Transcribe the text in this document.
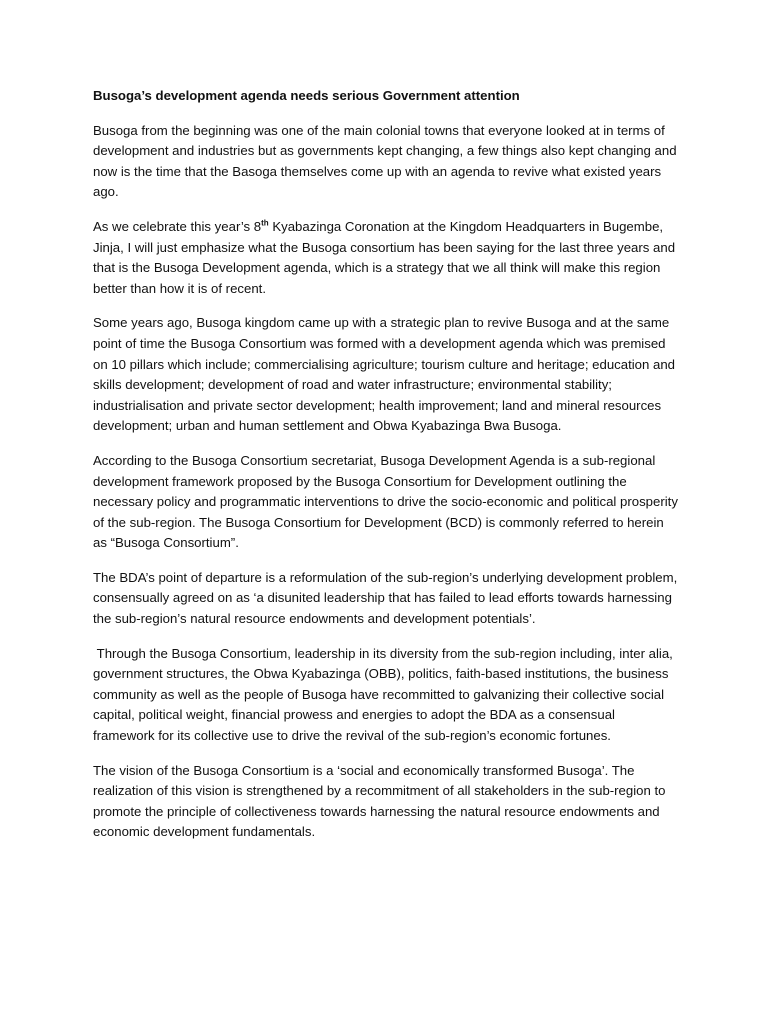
Busoga’s development agenda needs serious Government attention

Busoga from the beginning was one of the main colonial towns that everyone looked at in terms of development and industries but as governments kept changing, a few things also kept changing and now is the time that the Basoga themselves come up with an agenda to revive what existed years ago.

As we celebrate this year’s 8th Kyabazinga Coronation at the Kingdom Headquarters in Bugembe, Jinja, I will just emphasize what the Busoga consortium has been saying for the last three years and that is the Busoga Development agenda, which is a strategy that we all think will make this region better than how it is of recent.

Some years ago, Busoga kingdom came up with a strategic plan to revive Busoga and at the same point of time the Busoga Consortium was formed with a development agenda which was premised on 10 pillars which include; commercialising agriculture; tourism culture and heritage; education and skills development; development of road and water infrastructure; environmental stability; industrialisation and private sector development; health improvement; land and mineral resources development; urban and human settlement and Obwa Kyabazinga Bwa Busoga.

According to the Busoga Consortium secretariat, Busoga Development Agenda is a sub-regional development framework proposed by the Busoga Consortium for Development outlining the necessary policy and programmatic interventions to drive the socio-economic and political prosperity of the sub-region. The Busoga Consortium for Development (BCD) is commonly referred to herein as “Busoga Consortium”.

The BDA’s point of departure is a reformulation of the sub-region’s underlying development problem, consensually agreed on as ‘a disunited leadership that has failed to lead efforts towards harnessing the sub-region’s natural resource endowments and development potentials’.

Through the Busoga Consortium, leadership in its diversity from the sub-region including, inter alia, government structures, the Obwa Kyabazinga (OBB), politics, faith-based institutions, the business community as well as the people of Busoga have recommitted to galvanizing their collective social capital, political weight, financial prowess and energies to adopt the BDA as a consensual framework for its collective use to drive the revival of the sub-region’s economic fortunes.

The vision of the Busoga Consortium is a ‘social and economically transformed Busoga’. The realization of this vision is strengthened by a recommitment of all stakeholders in the sub-region to promote the principle of collectiveness towards harnessing the natural resource endowments and economic development fundamentals.
